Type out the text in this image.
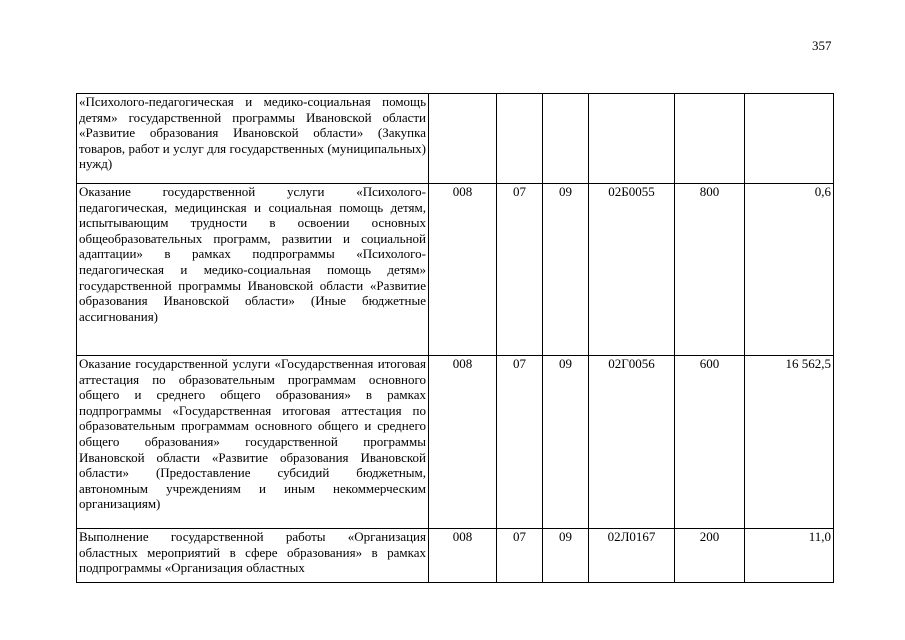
357
«Психолого-педагогическая и медико-социальная помощь детям» государственной программы Ивановской области «Развитие образования Ивановской области» (Закупка товаров, работ и услуг для государственных (муниципальных) нужд)						
Оказание государственной услуги «Психолого-педагогическая, медицинская и социальная помощь детям, испытывающим трудности в освоении основных общеобразовательных программ, развитии и социальной адаптации» в рамках подпрограммы «Психолого-педагогическая и медико-социальная помощь детям» государственной программы Ивановской области «Развитие образования Ивановской области» (Иные бюджетные ассигнования)	008	07	09	02Б0055	800	0,6
Оказание государственной услуги «Государственная итоговая аттестация по образовательным программам основного общего и среднего общего образования» в рамках подпрограммы «Государственная итоговая аттестация по образовательным программам основного общего и среднего общего образования» государственной программы Ивановской области «Развитие образования Ивановской области» (Предоставление субсидий бюджетным, автономным учреждениям и иным некоммерческим организациям)	008	07	09	02Г0056	600	16 562,5
Выполнение государственной работы «Организация областных мероприятий в сфере образования» в рамках подпрограммы «Организация областных	008	07	09	02Л0167	200	11,0
